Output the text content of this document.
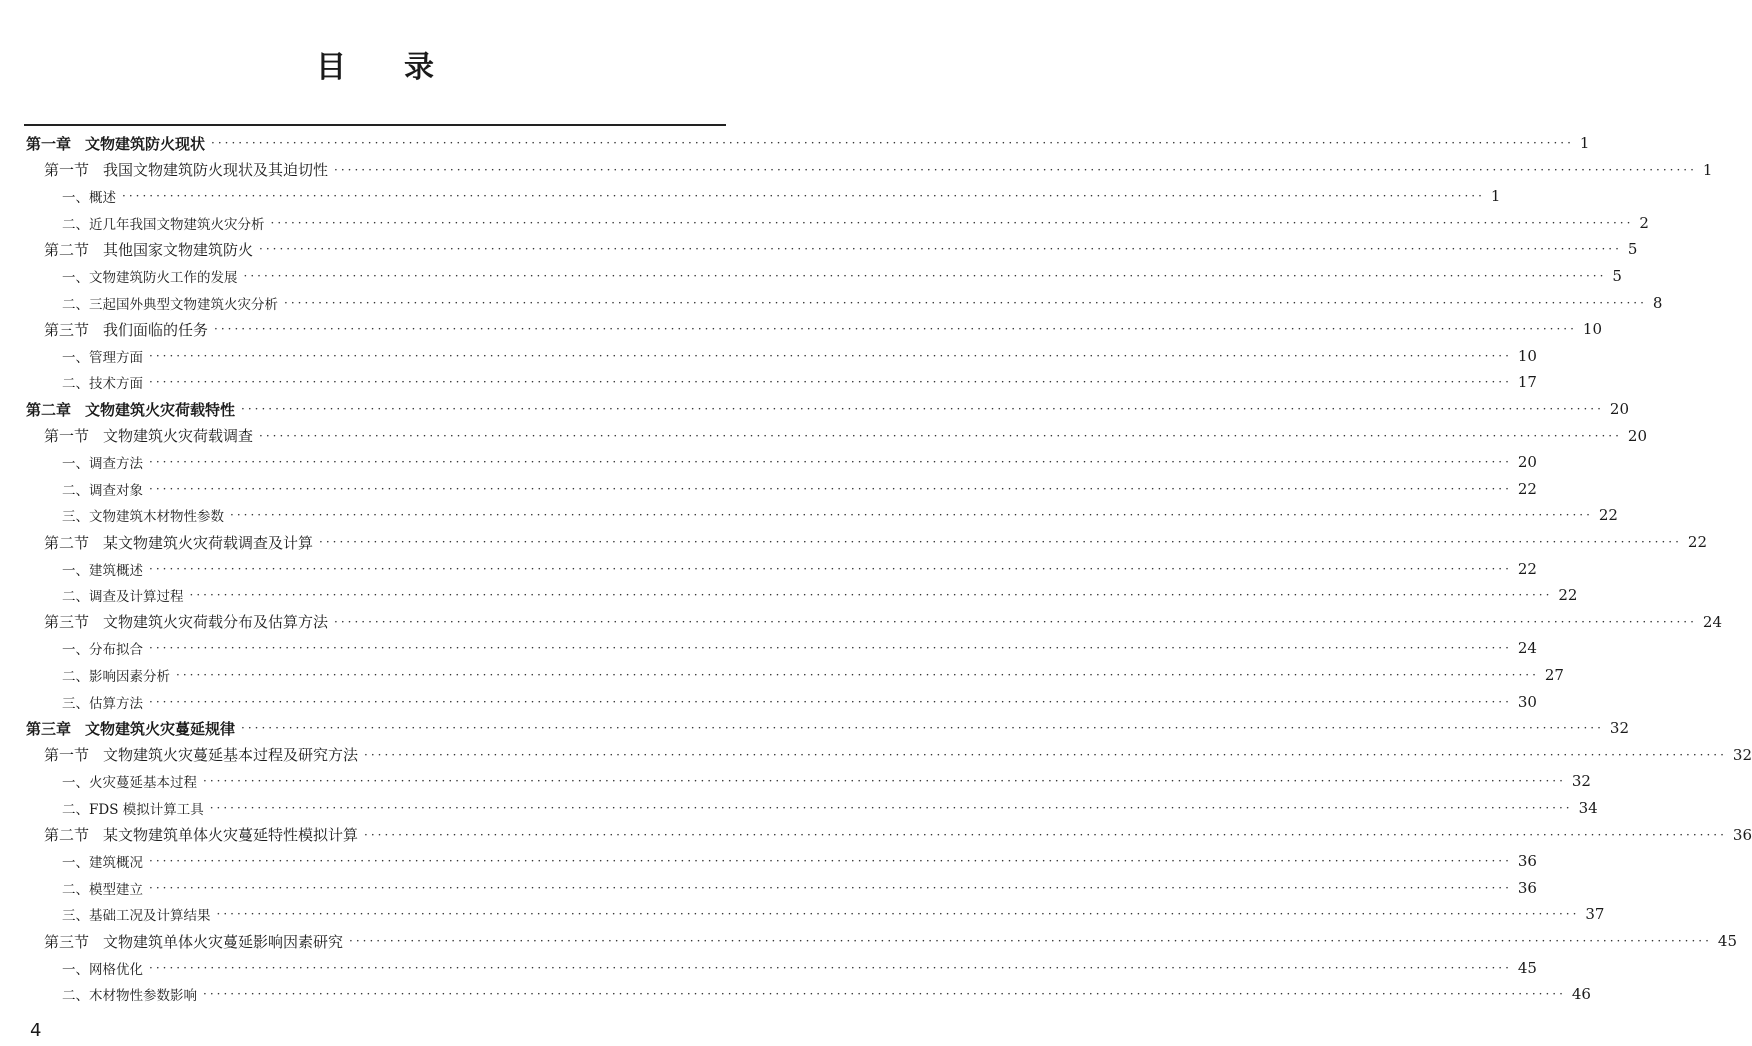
目 录
第一章 文物建筑防火现状 ········································································································································································································ 1
第一节 我国文物建筑防火现状及其迫切性 ········································································································································································································ 1
一、概述 ········································································································································································································ 1
二、近几年我国文物建筑火灾分析 ········································································································································································································ 2
第二节 其他国家文物建筑防火 ········································································································································································································ 5
一、文物建筑防火工作的发展 ········································································································································································································ 5
二、三起国外典型文物建筑火灾分析 ········································································································································································································ 8
第三节 我们面临的任务 ········································································································································································································ 10
一、管理方面 ········································································································································································································ 10
二、技术方面 ········································································································································································································ 17
第二章 文物建筑火灾荷载特性 ········································································································································································································ 20
第一节 文物建筑火灾荷载调查 ········································································································································································································ 20
一、调查方法 ········································································································································································································ 20
二、调查对象 ········································································································································································································ 22
三、文物建筑木材物性参数 ········································································································································································································ 22
第二节 某文物建筑火灾荷载调查及计算 ········································································································································································································ 22
一、建筑概述 ········································································································································································································ 22
二、调查及计算过程 ········································································································································································································ 22
第三节 文物建筑火灾荷载分布及估算方法 ········································································································································································································ 24
一、分布拟合 ········································································································································································································ 24
二、影响因素分析 ········································································································································································································ 27
三、估算方法 ········································································································································································································ 30
第三章 文物建筑火灾蔓延规律 ········································································································································································································ 32
第一节 文物建筑火灾蔓延基本过程及研究方法 ········································································································································································································ 32
一、火灾蔓延基本过程 ········································································································································································································ 32
二、FDS 模拟计算工具 ········································································································································································································ 34
第二节 某文物建筑单体火灾蔓延特性模拟计算 ········································································································································································································ 36
一、建筑概况 ········································································································································································································ 36
二、模型建立 ········································································································································································································ 36
三、基础工况及计算结果 ········································································································································································································ 37
第三节 文物建筑单体火灾蔓延影响因素研究 ········································································································································································································ 45
一、网格优化 ········································································································································································································ 45
二、木材物性参数影响 ········································································································································································································ 46
4
